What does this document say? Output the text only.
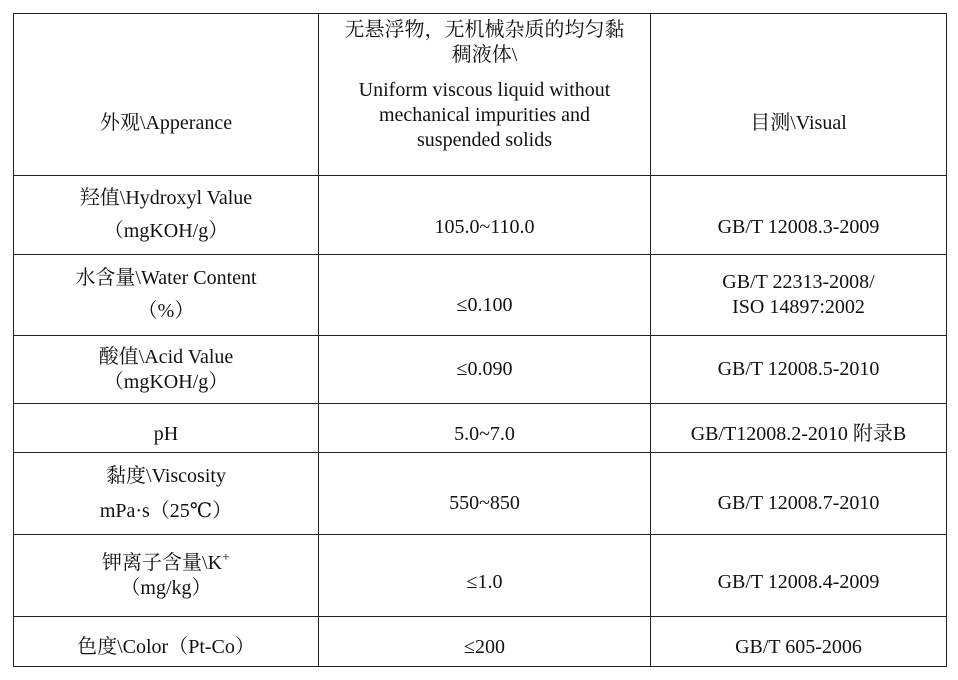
外观\Apperance	无悬浮物，无机械杂质的均匀黏
稠液体\
Uniform viscous liquid without
mechanical impurities and
suspended solids	目测\Visual

羟值\Hydroxyl Value
（mgKOH/g）	105.0~110.0	GB/T 12008.3-2009

水含量\Water Content
（%）	≤0.100	GB/T 22313-2008/
ISO 14897:2002

酸值\Acid Value
（mgKOH/g）	≤0.090	GB/T 12008.5-2010

pH	5.0~7.0	GB/T12008.2-2010 附录B

黏度\Viscosity
mPa·s（25℃）	550~850	GB/T 12008.7-2010

钾离子含量\K+
（mg/kg）	≤1.0	GB/T 12008.4-2009

色度\Color（Pt-Co）	≤200	GB/T 605-2006
